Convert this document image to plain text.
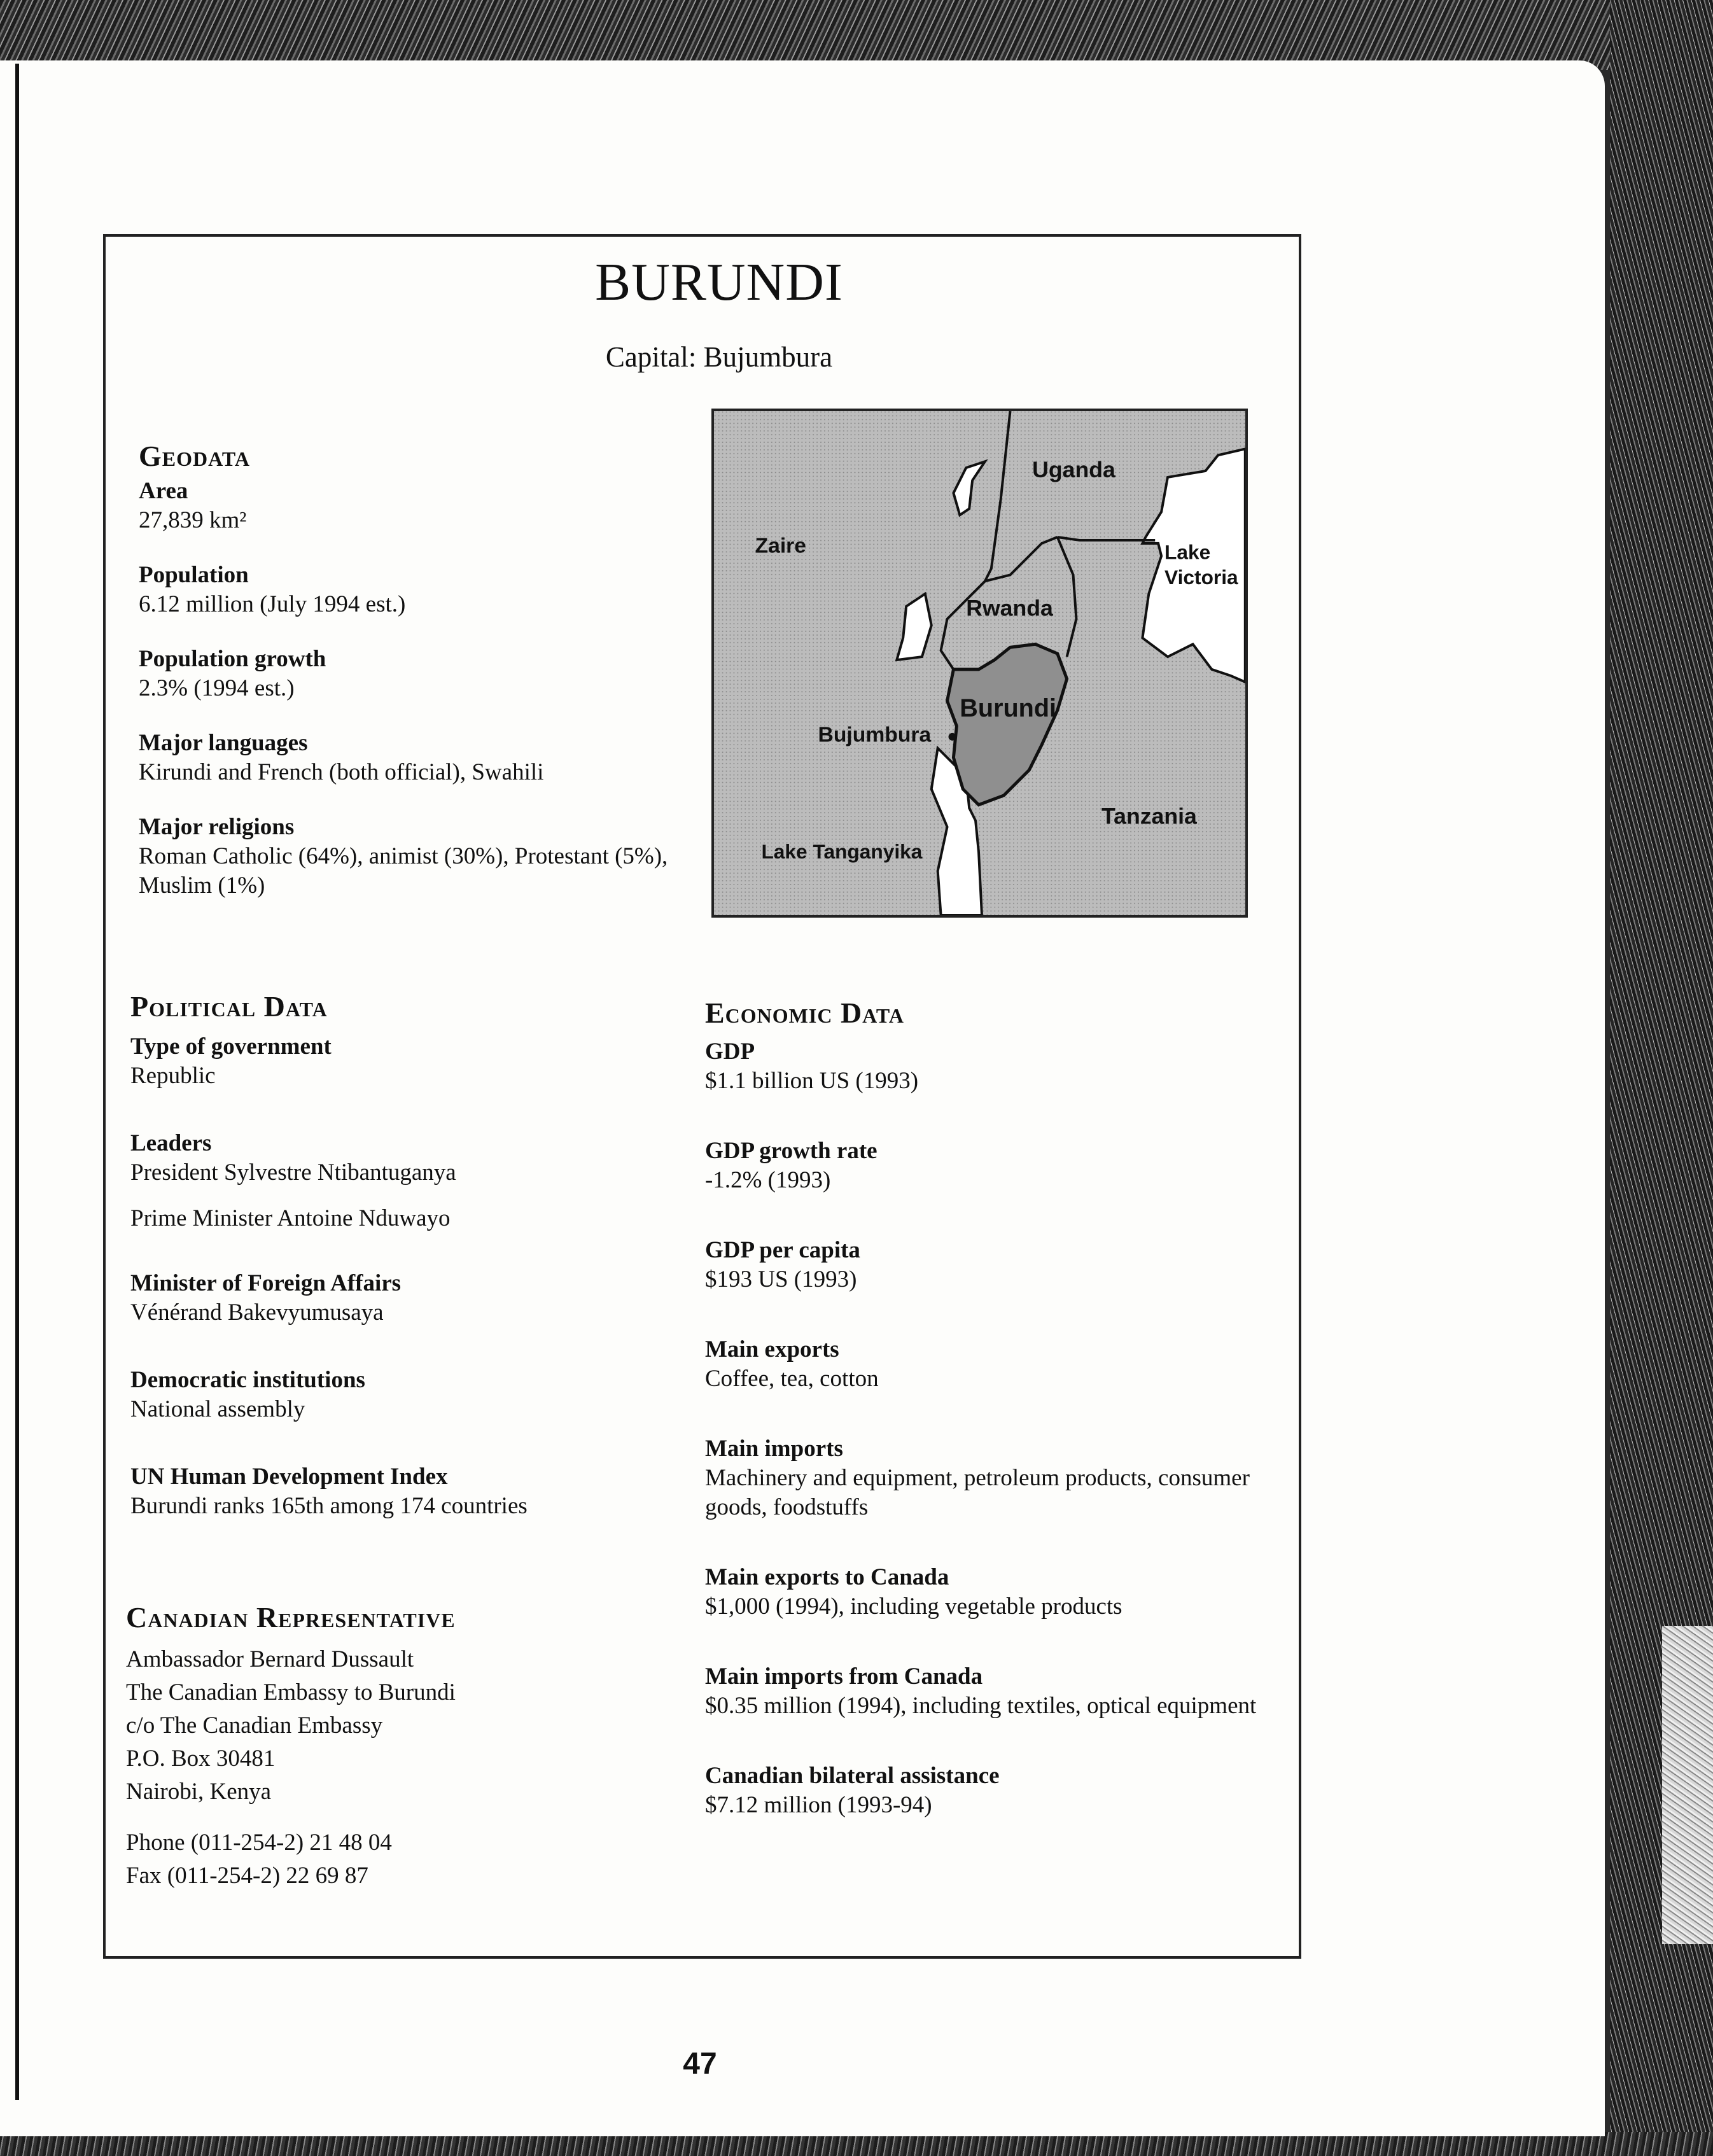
BURUNDI
Capital: Bujumbura
Uganda
Zaire	Lake
Victoria
Rwanda
Burundi
Bujumbura
Tanzania
Lake Tanganyika
Geodata
Area
27,839 km²
Population
6.12 million (July 1994 est.)
Population growth
2.3% (1994 est.)
Major languages
Kirundi and French (both official), Swahili
Major religions
Roman Catholic (64%), animist (30%), Protestant (5%),
Muslim (1%)
Political Data
Type of government
Republic
Leaders
President Sylvestre Ntibantuganya
Prime Minister Antoine Nduwayo
Minister of Foreign Affairs
Vénérand Bakevyumusaya
Democratic institutions
National assembly
UN Human Development Index
Burundi ranks 165th among 174 countries
Canadian Representative
Ambassador Bernard Dussault
The Canadian Embassy to Burundi
c/o The Canadian Embassy
P.O. Box 30481
Nairobi, Kenya
Phone (011-254-2) 21 48 04
Fax (011-254-2) 22 69 87
Economic Data
GDP
$1.1 billion US (1993)
GDP growth rate
-1.2% (1993)
GDP per capita
$193 US (1993)
Main exports
Coffee, tea, cotton
Main imports
Machinery and equipment, petroleum products, consumer
goods, foodstuffs
Main exports to Canada
$1,000 (1994), including vegetable products
Main imports from Canada
$0.35 million (1994), including textiles, optical equipment
Canadian bilateral assistance
$7.12 million (1993-94)
47
